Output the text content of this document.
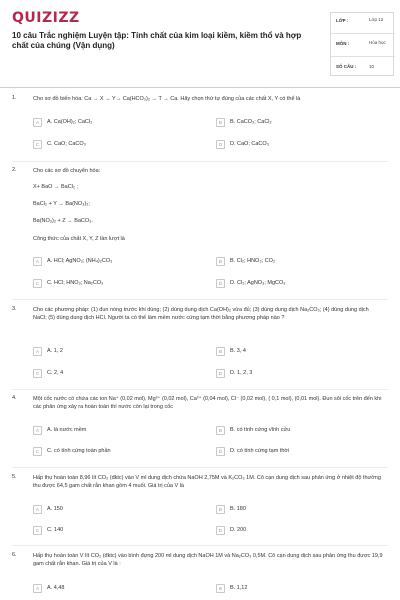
QUIZIZZ
10 câu Trắc nghiệm Luyện tập: Tính chất của kim loại kiềm, kiềm thổ và hợp chất của chúng (Vận dụng)
LỚP :	Lớp 12
MÔN :	Hóa học
SỐ CÂU :	10
1.	Cho sơ đồ biến hóa: Ca → X → Y→ Ca(HCO₃)₂ → T → Ca. Hãy chọn thứ tự đúng của các chất X, Y có thể là
A	A. Ca(OH)₂; CaCl₂	B	B. CaCO₃; CaCl₂
C	C. CaO; CaCO₃	D	D. CaO; CaCO₃
2.	Cho các sơ đồ chuyển hóa:
X+ BaO → BaCl₂ ;
BaCl₂ + Y → Ba(NO₃)₂;
Ba(NO₃)₂ + Z → BaCO₃.
Công thức của chất X, Y, Z lần lượt là
A	A. HCl; AgNO₃; (NH₄)₂CO₃	B	B. Cl₂; HNO₃; CO₂
C	C. HCl; HNO₃; Na₂CO₃	D	D. Cl₂; AgNO₃; MgCO₃
3.	Cho các phương pháp: (1) đun nóng trước khi dùng; (2) dùng dung dịch Ca(OH)₂ vừa đủ; (3) dùng dung dịch Na₂CO₃; (4) dùng dung dịch NaCl; (5) dùng dung dịch HCl. Người ta có thể làm mềm nước cứng tạm thời bằng phương pháp nào ?
A	A. 1, 2	B	B. 3, 4
C	C. 2, 4	D	D. 1, 2, 3
4.	Một cốc nước có chứa các ion Na⁺ (0,02 mol), Mg²⁺ (0,02 mol), Ca²⁺ (0,04 mol), Cl⁻ (0,02 mol), ( 0,1 mol), (0,01 mol). Đun sôi cốc trên đến khi các phản ứng xảy ra hoàn toàn thì nước còn lại trong cốc
A	A. là nước mềm	B	B. có tính cứng vĩnh cửu
C	C. có tính cứng toàn phần	D	D. có tính cứng tạm thời
5.	Hấp thụ hoàn toàn 8,96 lít CO₂ (đktc) vào V ml dung dịch chứa NaOH 2,75M và K₂CO₃ 1M. Cô cạn dung dịch sau phản ứng ở nhiệt độ thường thu được 64,5 gam chất rắn khan gồm 4 muối. Giá trị của V là
A	A. 150	B	B. 180
C	C. 140	D	D. 200
6.	Hấp thụ hoàn toàn V lít CO₂ (đktc) vào bình đựng 200 ml dung dịch NaOH 1M và Na₂CO₃ 0,5M. Cô cạn dung dịch sau phản ứng thu được 19,9 gam chất rắn khan. Giá trị của V là :
A	A. 4,48	B	B. 1,12
